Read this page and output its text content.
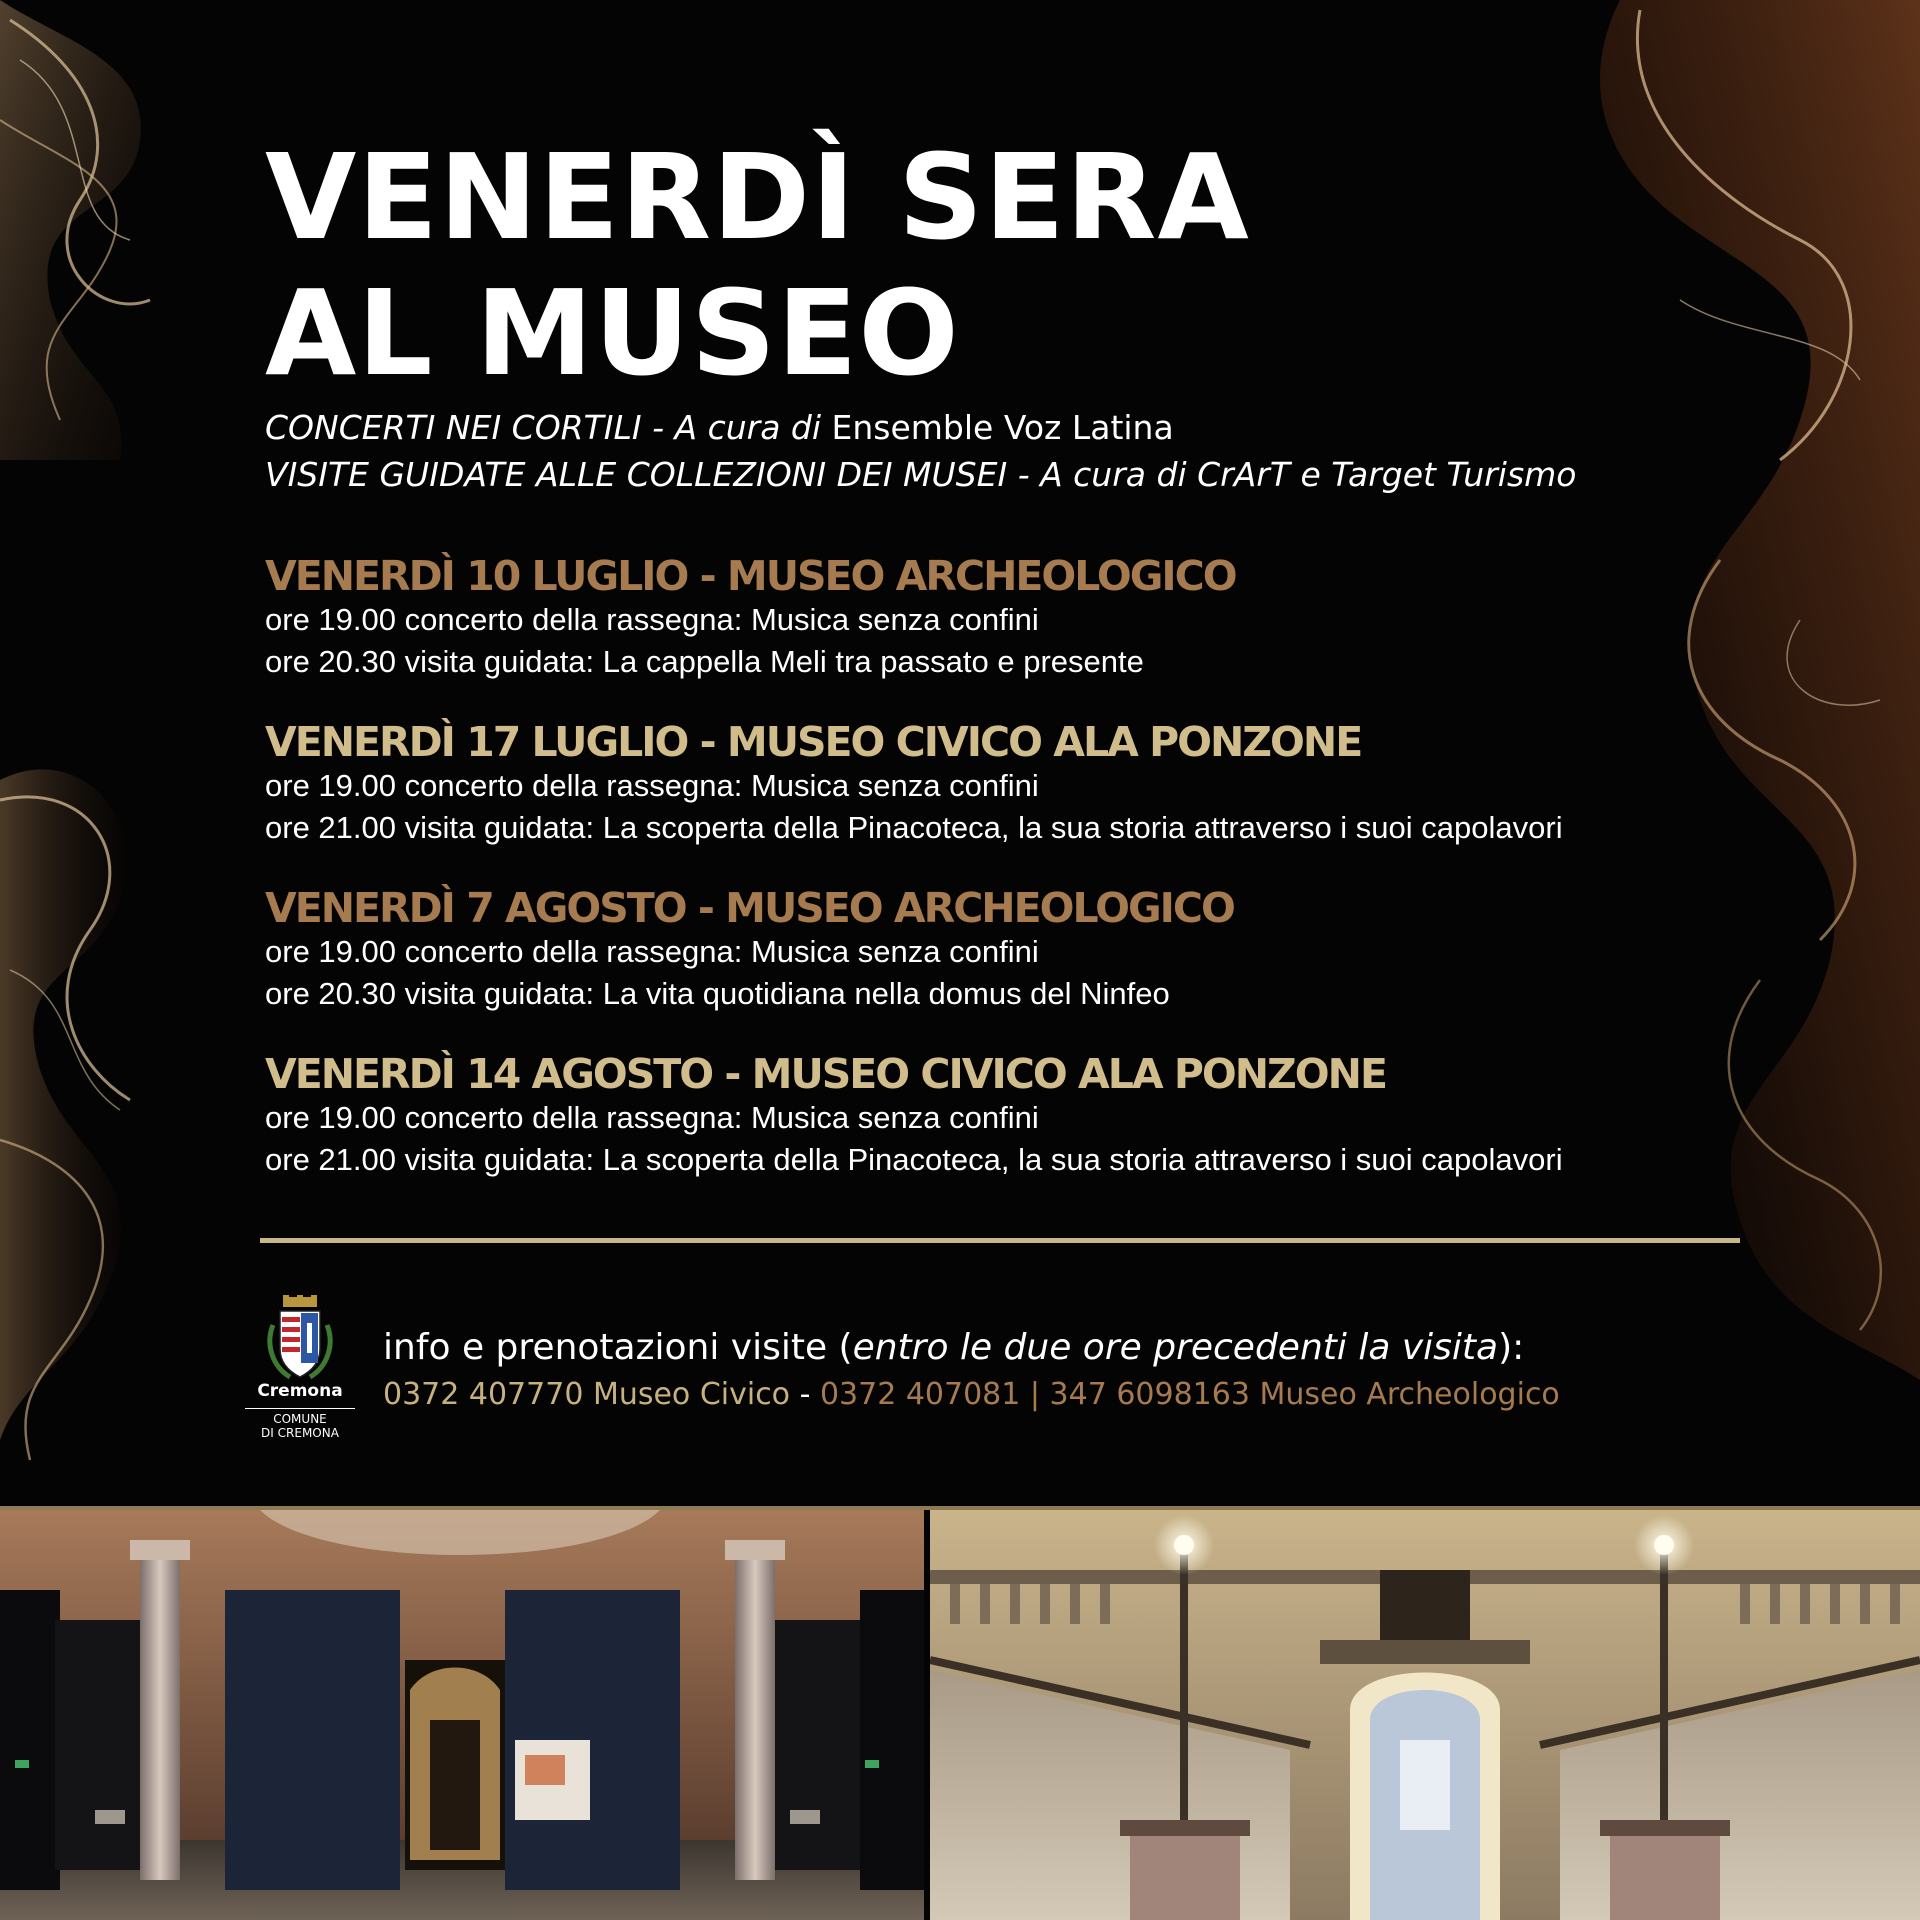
VENERDÌ SERA
AL MUSEO
CONCERTI NEI CORTILI - A cura di Ensemble Voz Latina
VISITE GUIDATE ALLE COLLEZIONI DEI MUSEI - A cura di CrArT e Target Turismo
VENERDÌ 10 LUGLIO - MUSEO ARCHEOLOGICO
ore 19.00 concerto della rassegna: Musica senza confini
ore 20.30 visita guidata: La cappella Meli tra passato e presente
VENERDÌ 17 LUGLIO - MUSEO CIVICO ALA PONZONE
ore 19.00 concerto della rassegna: Musica senza confini
ore 21.00 visita guidata: La scoperta della Pinacoteca, la sua storia attraverso i suoi capolavori
VENERDÌ 7 AGOSTO - MUSEO ARCHEOLOGICO
ore 19.00 concerto della rassegna: Musica senza confini
ore 20.30 visita guidata: La vita quotidiana nella domus del Ninfeo
VENERDÌ 14 AGOSTO - MUSEO CIVICO ALA PONZONE
ore 19.00 concerto della rassegna: Musica senza confini
ore 21.00 visita guidata: La scoperta della Pinacoteca, la sua storia attraverso i suoi capolavori
Cremona
COMUNE
DI CREMONA
info e prenotazioni visite (entro le due ore precedenti la visita):
0372 407770 Museo Civico - 0372 407081 | 347 6098163 Museo Archeologico
